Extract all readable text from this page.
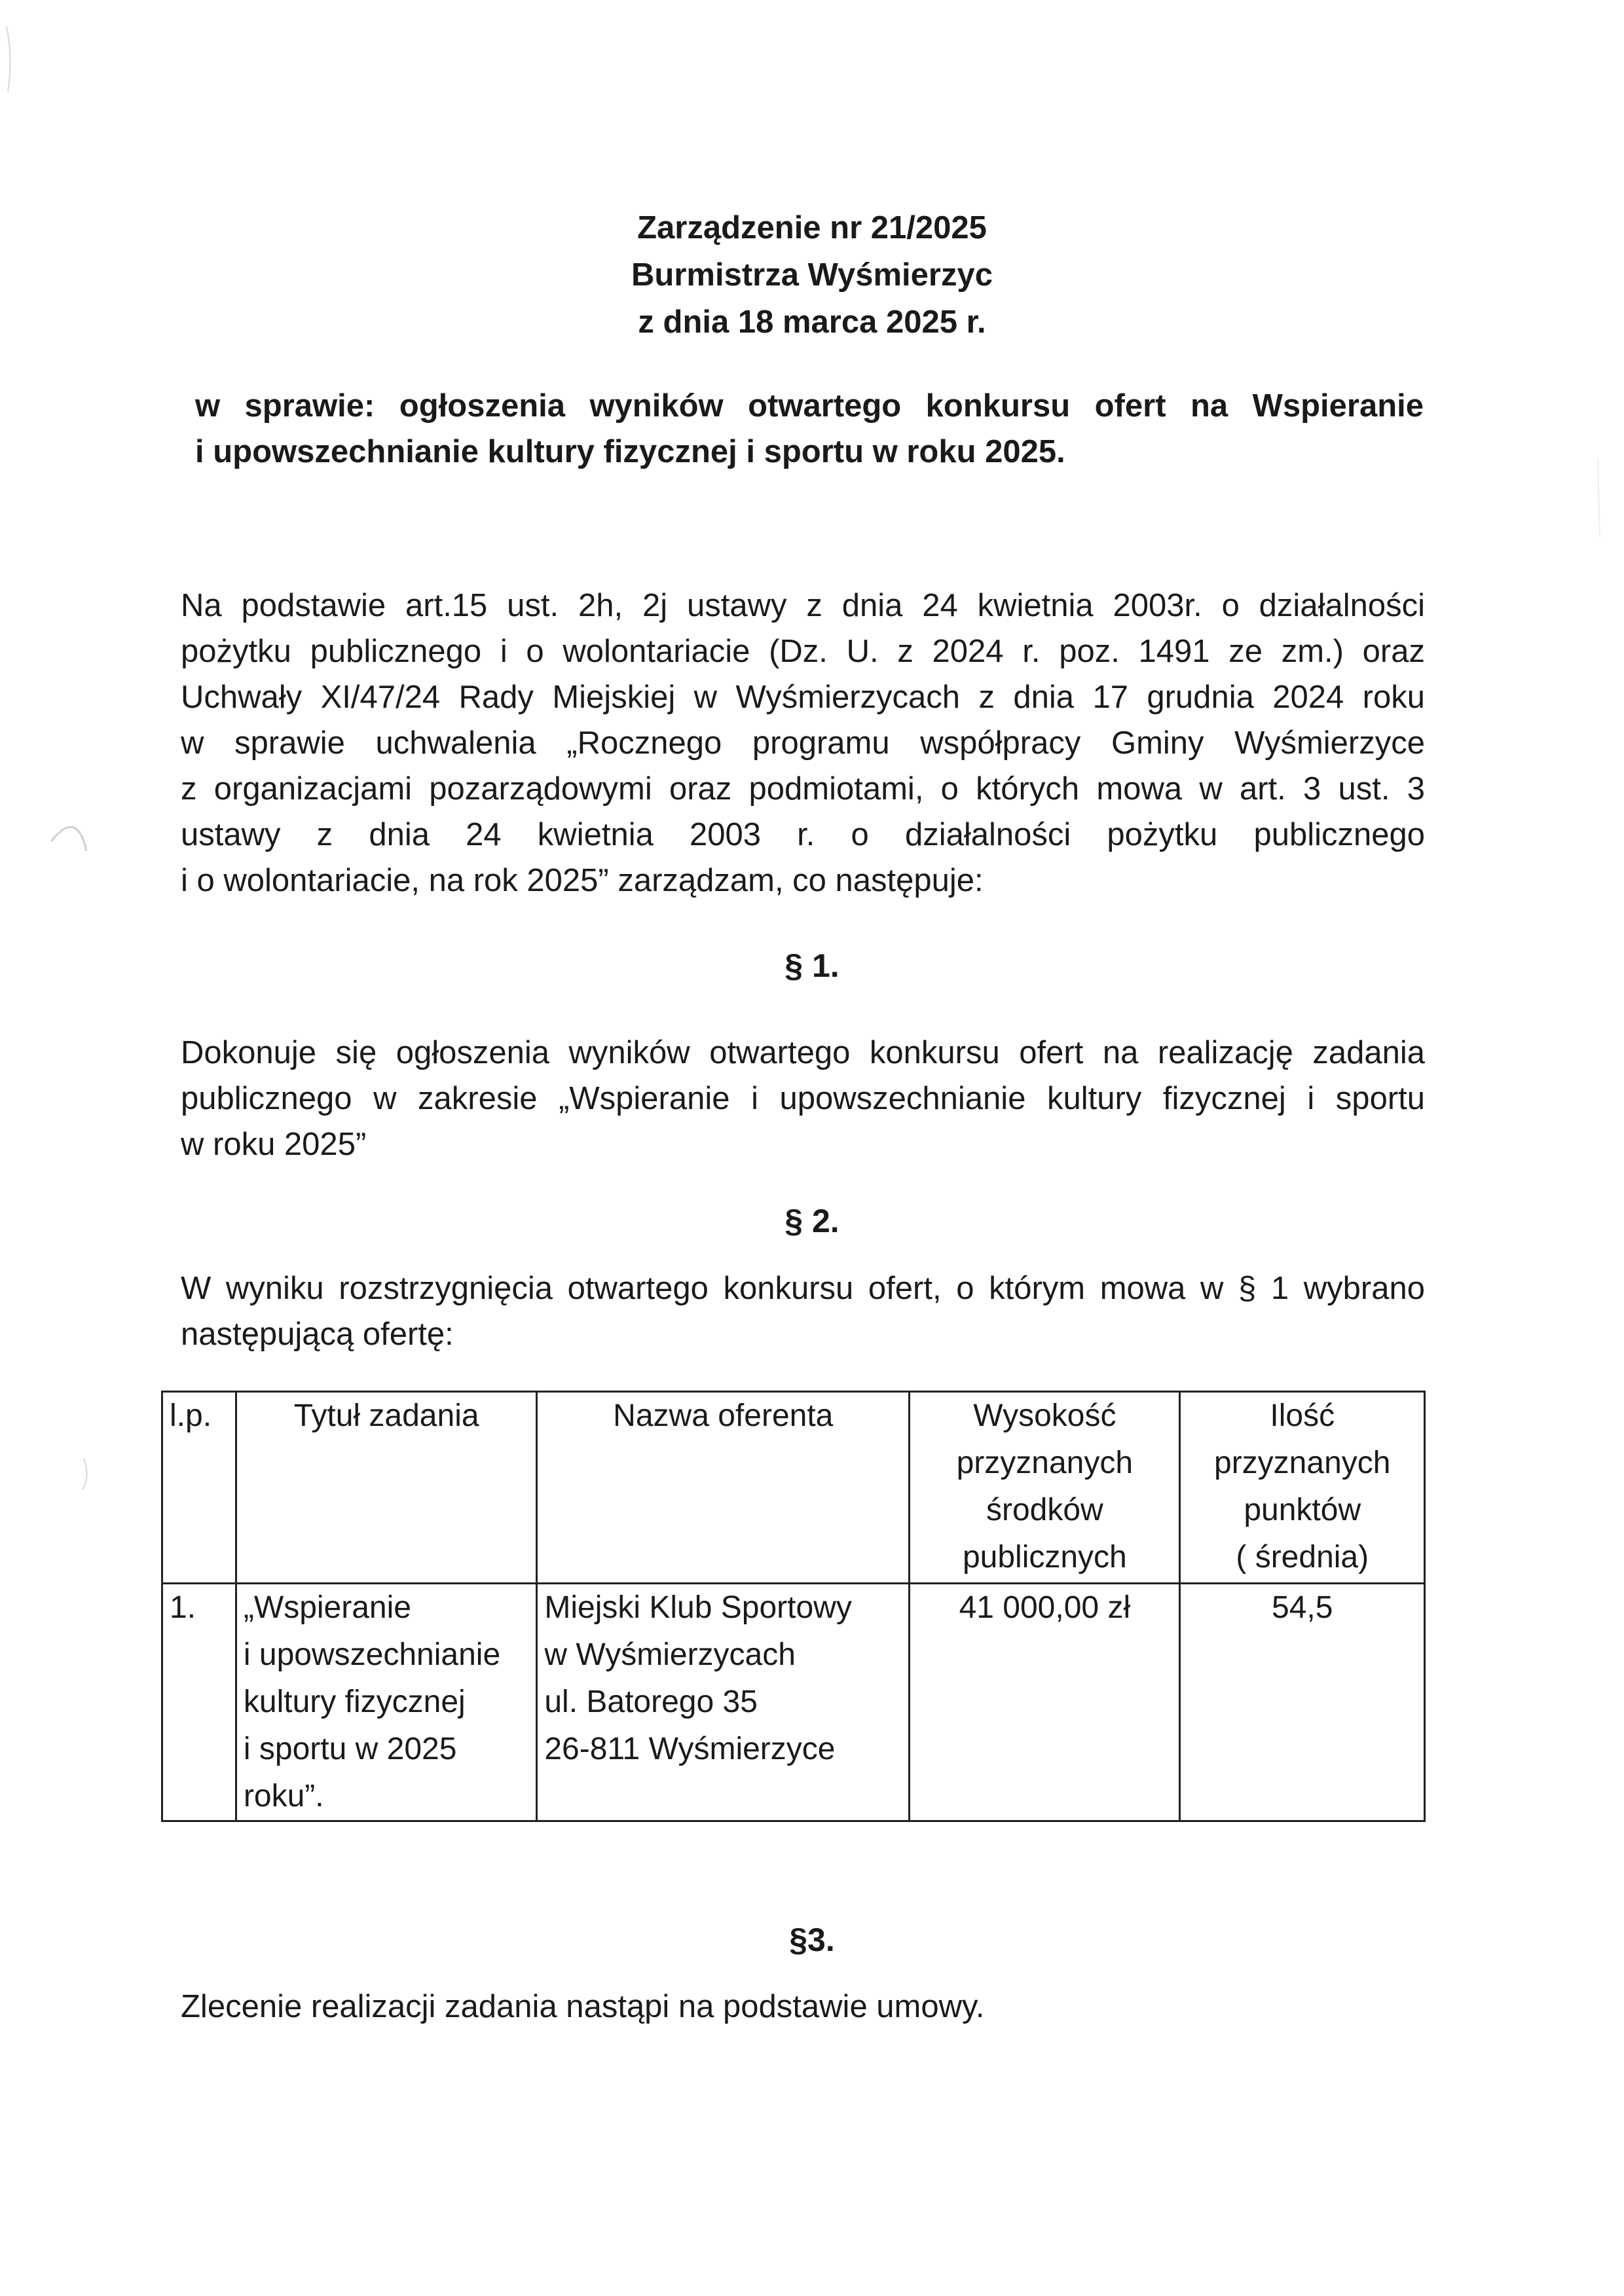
Zarządzenie nr 21/2025
Burmistrza Wyśmierzyc
z dnia 18 marca 2025 r.
w sprawie: ogłoszenia wyników otwartego konkursu ofert na Wspieranie
i upowszechnianie kultury fizycznej i sportu w roku 2025.
Na podstawie art.15 ust. 2h, 2j ustawy z dnia 24 kwietnia 2003r. o działalności
pożytku publicznego i o wolontariacie (Dz. U. z 2024 r. poz. 1491 ze zm.) oraz
Uchwały XI/47/24 Rady Miejskiej w Wyśmierzycach z dnia 17 grudnia 2024 roku
w sprawie uchwalenia „Rocznego programu współpracy Gminy Wyśmierzyce
z organizacjami pozarządowymi oraz podmiotami, o których mowa w art. 3 ust. 3
ustawy z dnia 24 kwietnia 2003 r. o działalności pożytku publicznego
i o wolontariacie, na rok 2025” zarządzam, co następuje:
§ 1.
Dokonuje się ogłoszenia wyników otwartego konkursu ofert na realizację zadania
publicznego w zakresie „Wspieranie i upowszechnianie kultury fizycznej i sportu
w roku 2025”
§ 2.
W wyniku rozstrzygnięcia otwartego konkursu ofert, o którym mowa w § 1 wybrano
następującą ofertę:
l.p.	Tytuł zadania	Nazwa oferenta	Wysokość
przyznanych
środków
publicznych	Ilość
przyznanych
punktów
( średnia)

1.	„Wspieranie
i upowszechnianie
kultury fizycznej
i sportu w 2025
roku”.	Miejski Klub Sportowy
w Wyśmierzycach
ul. Batorego 35
26-811 Wyśmierzyce	41 000,00 zł	54,5
§3.
Zlecenie realizacji zadania nastąpi na podstawie umowy.
